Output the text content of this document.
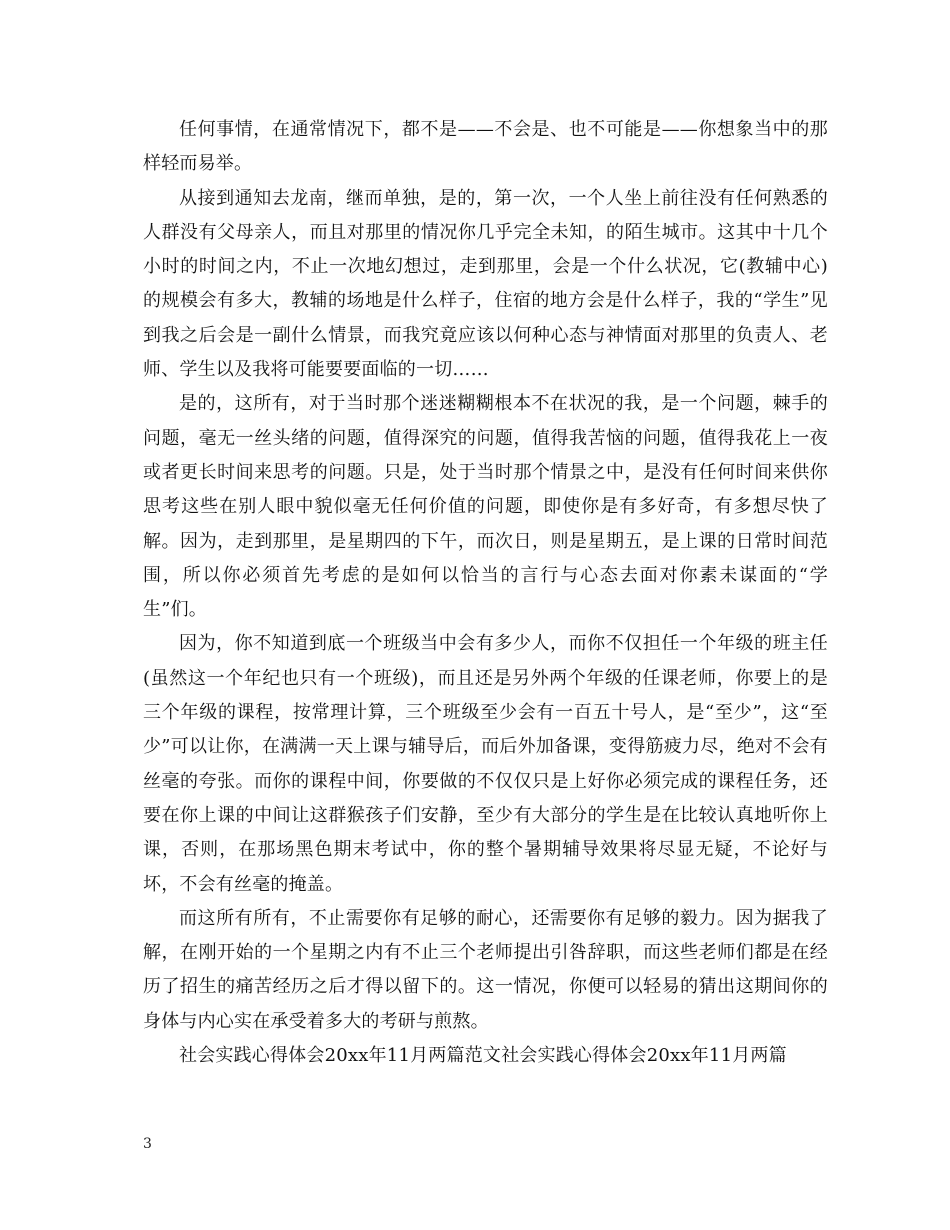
任何事情，在通常情况下，都不是——不会是、也不可能是——你想象当中的那样轻而易举。

从接到通知去龙南，继而单独，是的，第一次，一个人坐上前往没有任何熟悉的人群没有父母亲人，而且对那里的情况你几乎完全未知，的陌生城市。这其中十几个小时的时间之内，不止一次地幻想过，走到那里，会是一个什么状况，它(教辅中心)的规模会有多大，教辅的场地是什么样子，住宿的地方会是什么样子，我的“学生”见到我之后会是一副什么情景，而我究竟应该以何种心态与神情面对那里的负责人、老师、学生以及我将可能要要面临的一切……

是的，这所有，对于当时那个迷迷糊糊根本不在状况的我，是一个问题，棘手的问题，毫无一丝头绪的问题，值得深究的问题，值得我苦恼的问题，值得我花上一夜或者更长时间来思考的问题。只是，处于当时那个情景之中，是没有任何时间来供你思考这些在别人眼中貌似毫无任何价值的问题，即使你是有多好奇，有多想尽快了解。因为，走到那里，是星期四的下午，而次日，则是星期五，是上课的日常时间范围，所以你必须首先考虑的是如何以恰当的言行与心态去面对你素未谋面的“学生”们。

因为，你不知道到底一个班级当中会有多少人，而你不仅担任一个年级的班主任(虽然这一个年纪也只有一个班级)，而且还是另外两个年级的任课老师，你要上的是三个年级的课程，按常理计算，三个班级至少会有一百五十号人，是“至少”，这“至少”可以让你，在满满一天上课与辅导后，而后外加备课，变得筋疲力尽，绝对不会有丝毫的夸张。而你的课程中间，你要做的不仅仅只是上好你必须完成的课程任务，还要在你上课的中间让这群猴孩子们安静，至少有大部分的学生是在比较认真地听你上课，否则，在那场黑色期末考试中，你的整个暑期辅导效果将尽显无疑，不论好与坏，不会有丝毫的掩盖。

而这所有所有，不止需要你有足够的耐心，还需要你有足够的毅力。因为据我了解，在刚开始的一个星期之内有不止三个老师提出引咎辞职，而这些老师们都是在经历了招生的痛苦经历之后才得以留下的。这一情况，你便可以轻易的猜出这期间你的身体与内心实在承受着多大的考研与煎熬。

社会实践心得体会20xx年11月两篇范文社会实践心得体会20xx年11月两篇

3
